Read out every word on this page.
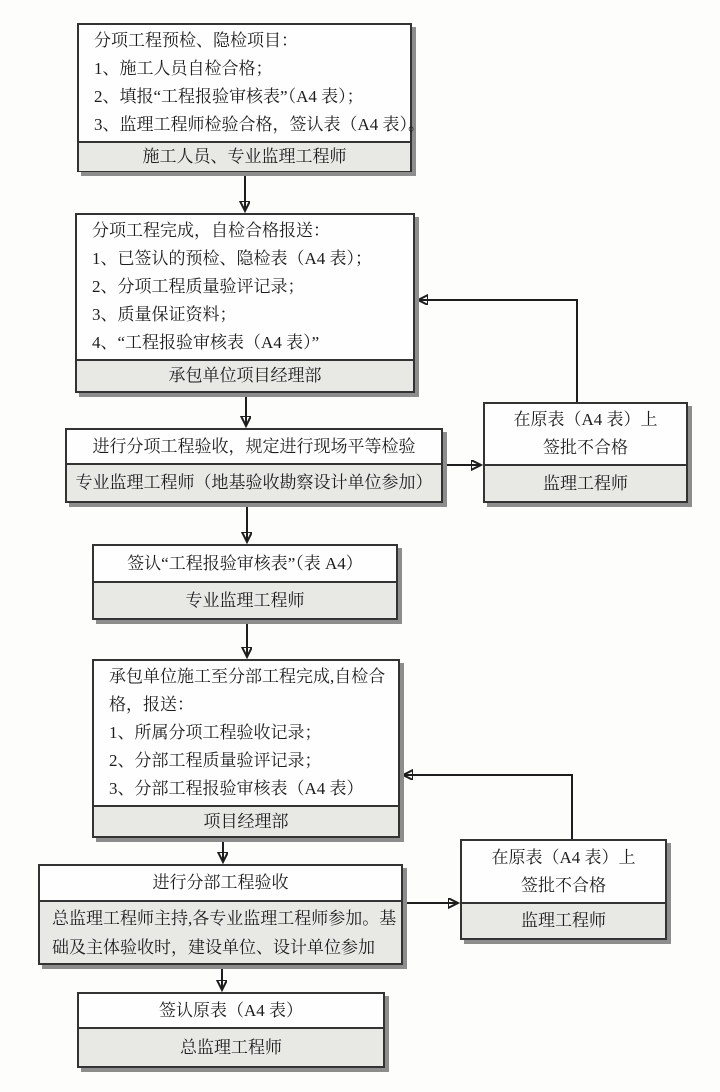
分项工程预检、隐检项目：
1、施工人员自检合格；
2、填报“工程报验审核表”（A4 表）；
3、监理工程师检验合格，签认表（A4 表）。
施工人员、专业监理工程师
分项工程完成，自检合格报送：
1、已签认的预检、隐检表（A4 表）；
2、分项工程质量验评记录；
3、质量保证资料；
4、“工程报验审核表（A4 表）”
承包单位项目经理部
进行分项工程验收，规定进行现场平等检验
专业监理工程师（地基验收勘察设计单位参加）
签认“工程报验审核表”（表 A4）
专业监理工程师
承包单位施工至分部工程完成,自检合
格，报送：
1、所属分项工程验收记录；
2、分部工程质量验评记录；
3、分部工程报验审核表（A4 表）
项目经理部
进行分部工程验收
总监理工程师主持,各专业监理工程师参加。基
础及主体验收时，建设单位、设计单位参加
签认原表（A4 表）
总监理工程师
在原表（A4 表）上
签批不合格
监理工程师
在原表（A4 表）上
签批不合格
监理工程师
